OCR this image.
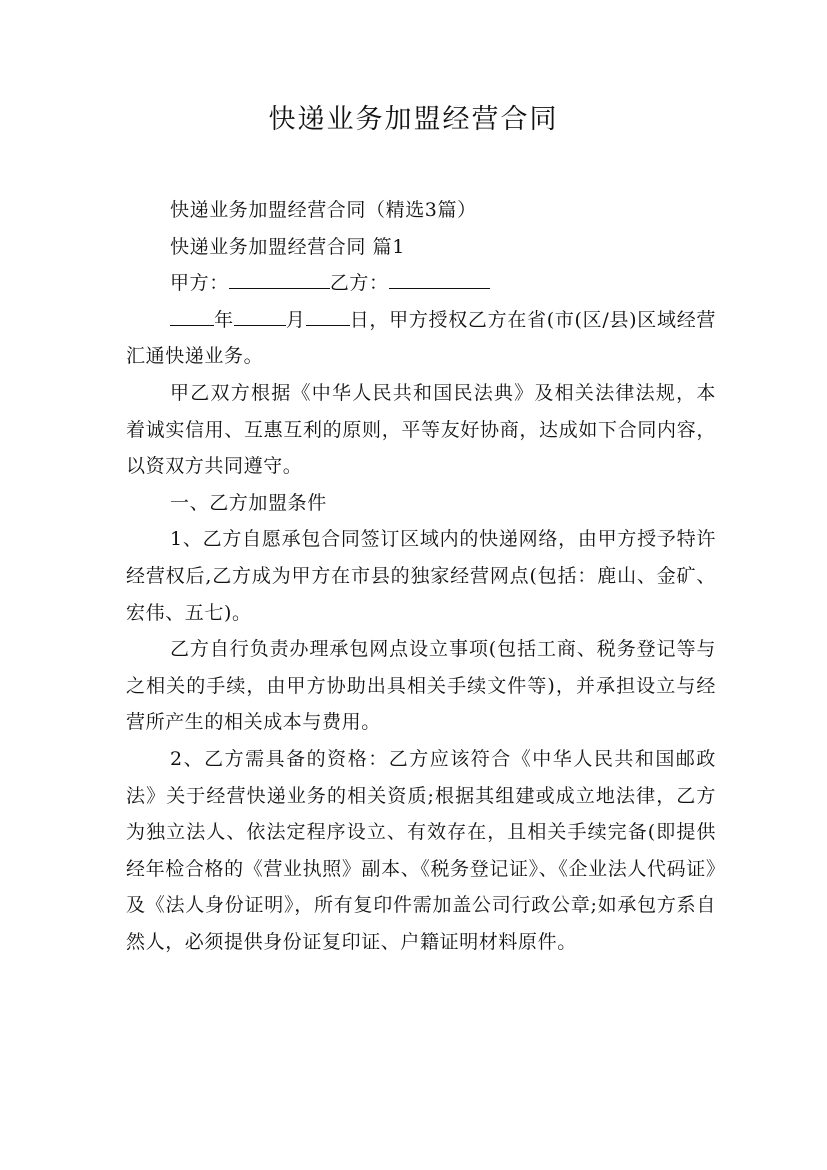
快递业务加盟经营合同

快递业务加盟经营合同（精选3篇）

快递业务加盟经营合同 篇1

甲方：	乙方：

年	月 日，甲方授权乙方在省(市(区/县)区域经营汇通快递业务。

甲乙双方根据《中华人民共和国民法典》及相关法律法规，本着诚实信用、互惠互利的原则，平等友好协商，达成如下合同内容，以资双方共同遵守。

一、乙方加盟条件

1、乙方自愿承包合同签订区域内的快递网络，由甲方授予特许经营权后,乙方成为甲方在市县的独家经营网点(包括：鹿山、金矿、宏伟、五七)。

乙方自行负责办理承包网点设立事项(包括工商、税务登记等与之相关的手续，由甲方协助出具相关手续文件等)，并承担设立与经营所产生的相关成本与费用。

2、乙方需具备的资格：乙方应该符合《中华人民共和国邮政法》关于经营快递业务的相关资质;根据其组建或成立地法律，乙方为独立法人、依法定程序设立、有效存在，且相关手续完备(即提供经年检合格的《营业执照》副本、《税务登记证》、《企业法人代码证》及《法人身份证明》，所有复印件需加盖公司行政公章;如承包方系自然人，必须提供身份证复印证、户籍证明材料原件。
